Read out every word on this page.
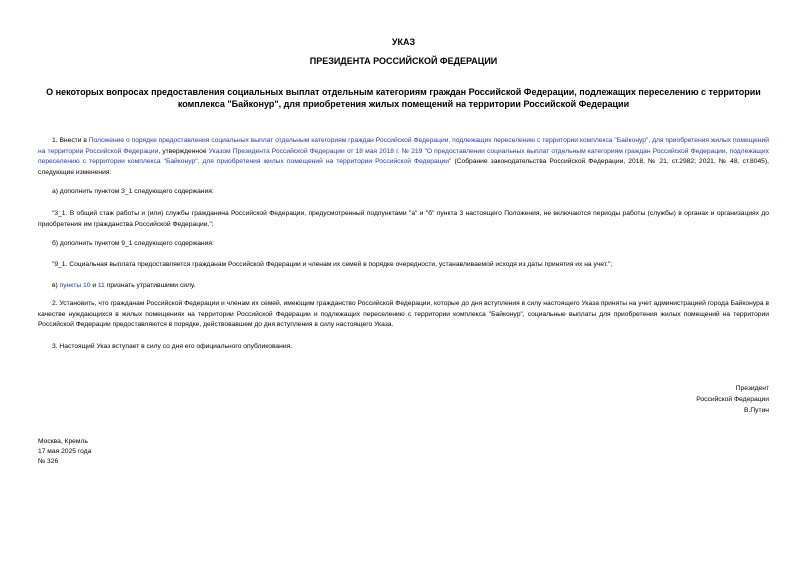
УКАЗ
ПРЕЗИДЕНТА РОССИЙСКОЙ ФЕДЕРАЦИИ
О некоторых вопросах предоставления социальных выплат отдельным категориям граждан Российской Федерации, подлежащих переселению с территории комплекса "Байконур", для приобретения жилых помещений на территории Российской Федерации
1. Внести в Положение о порядке предоставления социальных выплат отдельным категориям граждан Российской Федерации, подлежащих переселению с территории комплекса "Байконур", для приобретения жилых помещений на территории Российской Федерации, утвержденное Указом Президента Российской Федерации от 18 мая 2018 г. № 219 "О предоставлении социальных выплат отдельным категориям граждан Российской Федерации, подлежащих переселению с территории комплекса "Байконур", для приобретения жилых помещений на территории Российской Федерации" (Собрание законодательства Российской Федерации, 2018, № 21, ст.2982; 2021, № 48, ст.8045), следующие изменения:
а) дополнить пунктом 3_1 следующего содержания:
"3_1. В общий стаж работы и (или) службы гражданина Российской Федерации, предусмотренный подпунктами "а" и "б" пункта 3 настоящего Положения, не включаются периоды работы (службы) в органах и организациях до приобретения им гражданства Российской Федерации.";
б) дополнить пунктом 9_1 следующего содержания:
"9_1. Социальная выплата предоставляется гражданам Российской Федерации и членам их семей в порядке очередности, устанавливаемой исходя из даты принятия их на учет.";
в) пункты 10 и 11 признать утратившими силу.
2. Установить, что гражданам Российской Федерации и членам их семей, имеющим гражданство Российской Федерации, которые до дня вступления в силу настоящего Указа приняты на учет администрацией города Байконура в качестве нуждающихся в жилых помещениях на территории Российской Федерации и подлежащих переселению с территории комплекса "Байконур", социальные выплаты для приобретения жилых помещений на территории Российской Федерации предоставляются в порядке, действовавшем до дня вступления в силу настоящего Указа.
3. Настоящий Указ вступает в силу со дня его официального опубликования.
Президент
Российской Федерации
В.Путин
Москва, Кремль
17 мая 2025 года
№ 326
